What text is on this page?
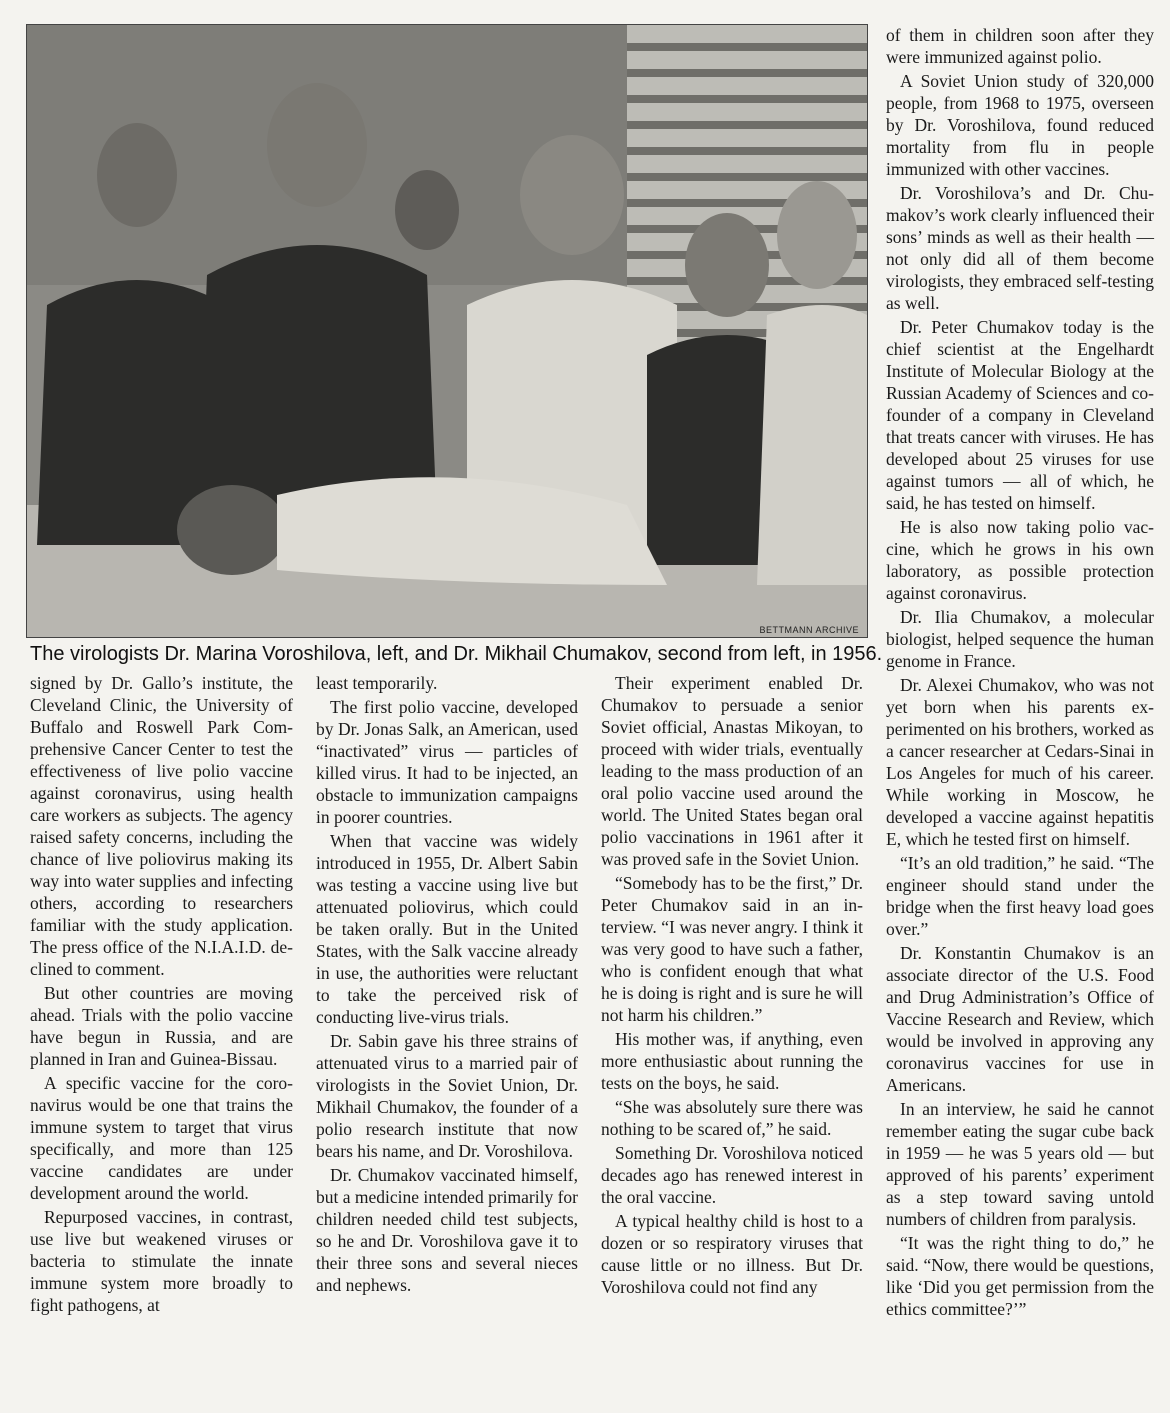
BETTMANN ARCHIVE
The virologists Dr. Marina Voroshilova, left, and Dr. Mikhail Chumakov, second from left, in 1956.

signed by Dr. Gallo’s institute, the Cleveland Clinic, the University of Buffalo and Roswell Park Comprehensive Cancer Center to test the effectiveness of live polio vaccine against coronavirus, using health care workers as subjects. The agency raised safety concerns, including the chance of live poliovirus making its way into water supplies and infecting others, according to researchers familiar with the study application. The press office of the N.I.A.I.D. declined to comment.

But other countries are moving ahead. Trials with the polio vaccine have begun in Russia, and are planned in Iran and Guinea-Bissau.

A specific vaccine for the coronavirus would be one that trains the immune system to target that virus specifically, and more than 125 vaccine candidates are under development around the world.

Repurposed vaccines, in contrast, use live but weakened viruses or bacteria to stimulate the innate immune system more broadly to fight pathogens, at

least temporarily.

The first polio vaccine, developed by Dr. Jonas Salk, an American, used “inactivated” virus — particles of killed virus. It had to be injected, an obstacle to immunization campaigns in poorer countries.

When that vaccine was widely introduced in 1955, Dr. Albert Sabin was testing a vaccine using live but attenuated poliovirus, which could be taken orally. But in the United States, with the Salk vaccine already in use, the authorities were reluctant to take the perceived risk of conducting live-virus trials.

Dr. Sabin gave his three strains of attenuated virus to a married pair of virologists in the Soviet Union, Dr. Mikhail Chumakov, the founder of a polio research institute that now bears his name, and Dr. Voroshilova.

Dr. Chumakov vaccinated himself, but a medicine intended primarily for children needed child test subjects, so he and Dr. Voroshilova gave it to their three sons and several nieces and nephews.

Their experiment enabled Dr. Chumakov to persuade a senior Soviet official, Anastas Mikoyan, to proceed with wider trials, eventually leading to the mass production of an oral polio vaccine used around the world. The United States began oral polio vaccinations in 1961 after it was proved safe in the Soviet Union.

“Somebody has to be the first,” Dr. Peter Chumakov said in an interview. “I was never angry. I think it was very good to have such a father, who is confident enough that what he is doing is right and is sure he will not harm his children.”

His mother was, if anything, even more enthusiastic about running the tests on the boys, he said.

“She was absolutely sure there was nothing to be scared of,” he said.

Something Dr. Voroshilova noticed decades ago has renewed interest in the oral vaccine.

A typical healthy child is host to a dozen or so respiratory viruses that cause little or no illness. But Dr. Voroshilova could not find any

of them in children soon after they were immunized against polio.

A Soviet Union study of 320,000 people, from 1968 to 1975, overseen by Dr. Voroshilova, found reduced mortality from flu in people immunized with other vaccines.

Dr. Voroshilova’s and Dr. Chumakov’s work clearly influenced their sons’ minds as well as their health — not only did all of them become virologists, they embraced self-testing as well.

Dr. Peter Chumakov today is the chief scientist at the Engelhardt Institute of Molecular Biology at the Russian Academy of Sciences and co-founder of a company in Cleveland that treats cancer with viruses. He has developed about 25 viruses for use against tumors — all of which, he said, he has tested on himself.

He is also now taking polio vaccine, which he grows in his own laboratory, as possible protection against coronavirus.

Dr. Ilia Chumakov, a molecular biologist, helped sequence the human genome in France.

Dr. Alexei Chumakov, who was not yet born when his parents experimented on his brothers, worked as a cancer researcher at Cedars-Sinai in Los Angeles for much of his career. While working in Moscow, he developed a vaccine against hepatitis E, which he tested first on himself.

“It’s an old tradition,” he said. “The engineer should stand under the bridge when the first heavy load goes over.”

Dr. Konstantin Chumakov is an associate director of the U.S. Food and Drug Administration’s Office of Vaccine Research and Review, which would be involved in approving any coronavirus vaccines for use in Americans.

In an interview, he said he cannot remember eating the sugar cube back in 1959 — he was 5 years old — but approved of his parents’ experiment as a step toward saving untold numbers of children from paralysis.

“It was the right thing to do,” he said. “Now, there would be questions, like ‘Did you get permission from the ethics committee?’”
